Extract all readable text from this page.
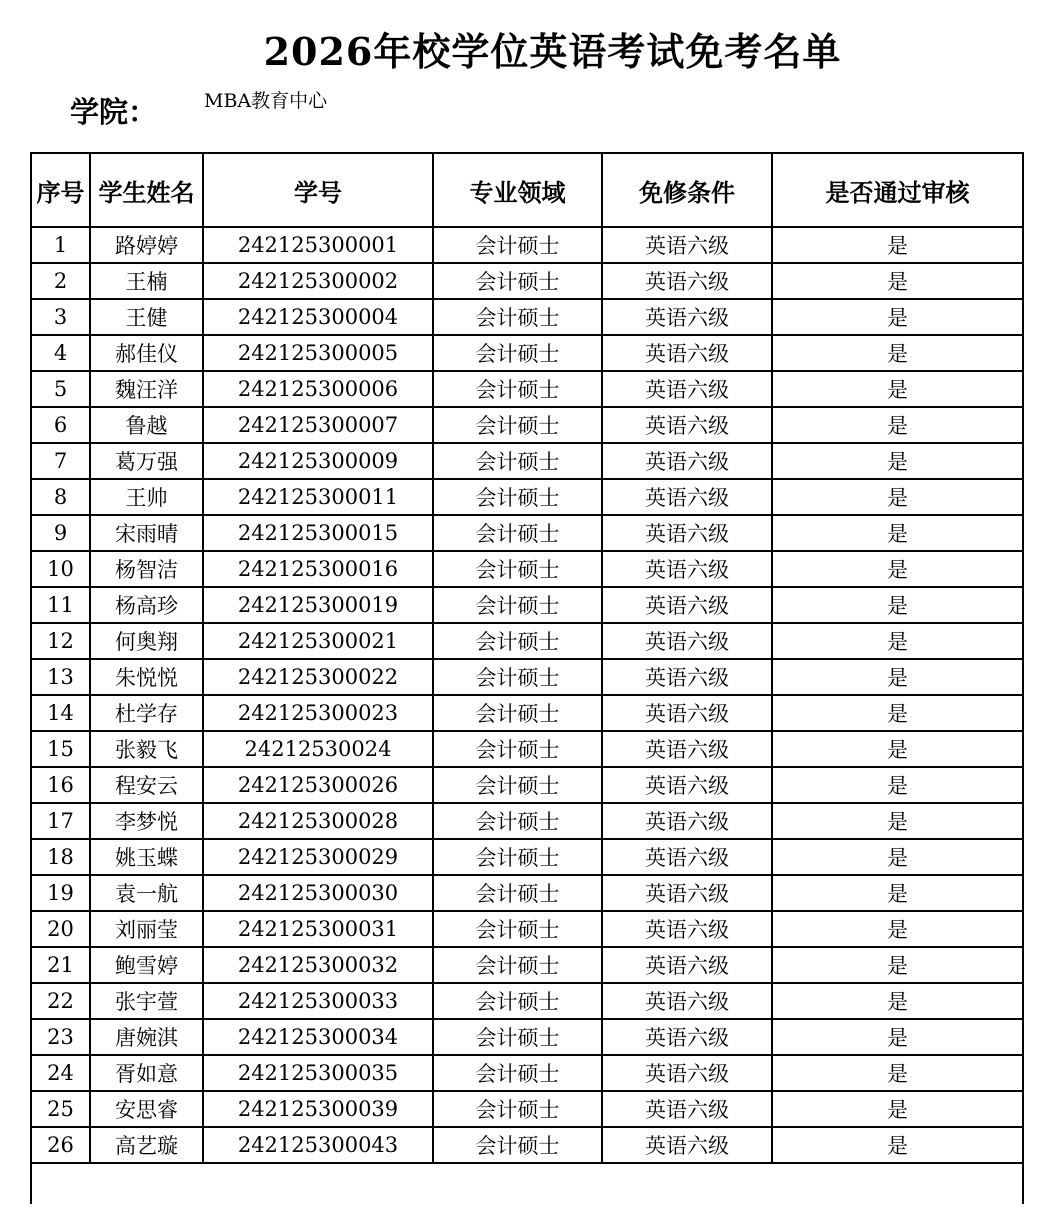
2026年校学位英语考试免考名单
学院： MBA教育中心
序号	学生姓名	学号	专业领域	免修条件	是否通过审核
1	路婷婷	242125300001	会计硕士	英语六级	是
2	王楠	242125300002	会计硕士	英语六级	是
3	王健	242125300004	会计硕士	英语六级	是
4	郝佳仪	242125300005	会计硕士	英语六级	是
5	魏汪洋	242125300006	会计硕士	英语六级	是
6	鲁越	242125300007	会计硕士	英语六级	是
7	葛万强	242125300009	会计硕士	英语六级	是
8	王帅	242125300011	会计硕士	英语六级	是
9	宋雨晴	242125300015	会计硕士	英语六级	是
10	杨智洁	242125300016	会计硕士	英语六级	是
11	杨高珍	242125300019	会计硕士	英语六级	是
12	何奥翔	242125300021	会计硕士	英语六级	是
13	朱悦悦	242125300022	会计硕士	英语六级	是
14	杜学存	242125300023	会计硕士	英语六级	是
15	张毅飞	24212530024	会计硕士	英语六级	是
16	程安云	242125300026	会计硕士	英语六级	是
17	李梦悦	242125300028	会计硕士	英语六级	是
18	姚玉蝶	242125300029	会计硕士	英语六级	是
19	袁一航	242125300030	会计硕士	英语六级	是
20	刘丽莹	242125300031	会计硕士	英语六级	是
21	鲍雪婷	242125300032	会计硕士	英语六级	是
22	张宇萱	242125300033	会计硕士	英语六级	是
23	唐婉淇	242125300034	会计硕士	英语六级	是
24	胥如意	242125300035	会计硕士	英语六级	是
25	安思睿	242125300039	会计硕士	英语六级	是
26	高艺璇	242125300043	会计硕士	英语六级	是
